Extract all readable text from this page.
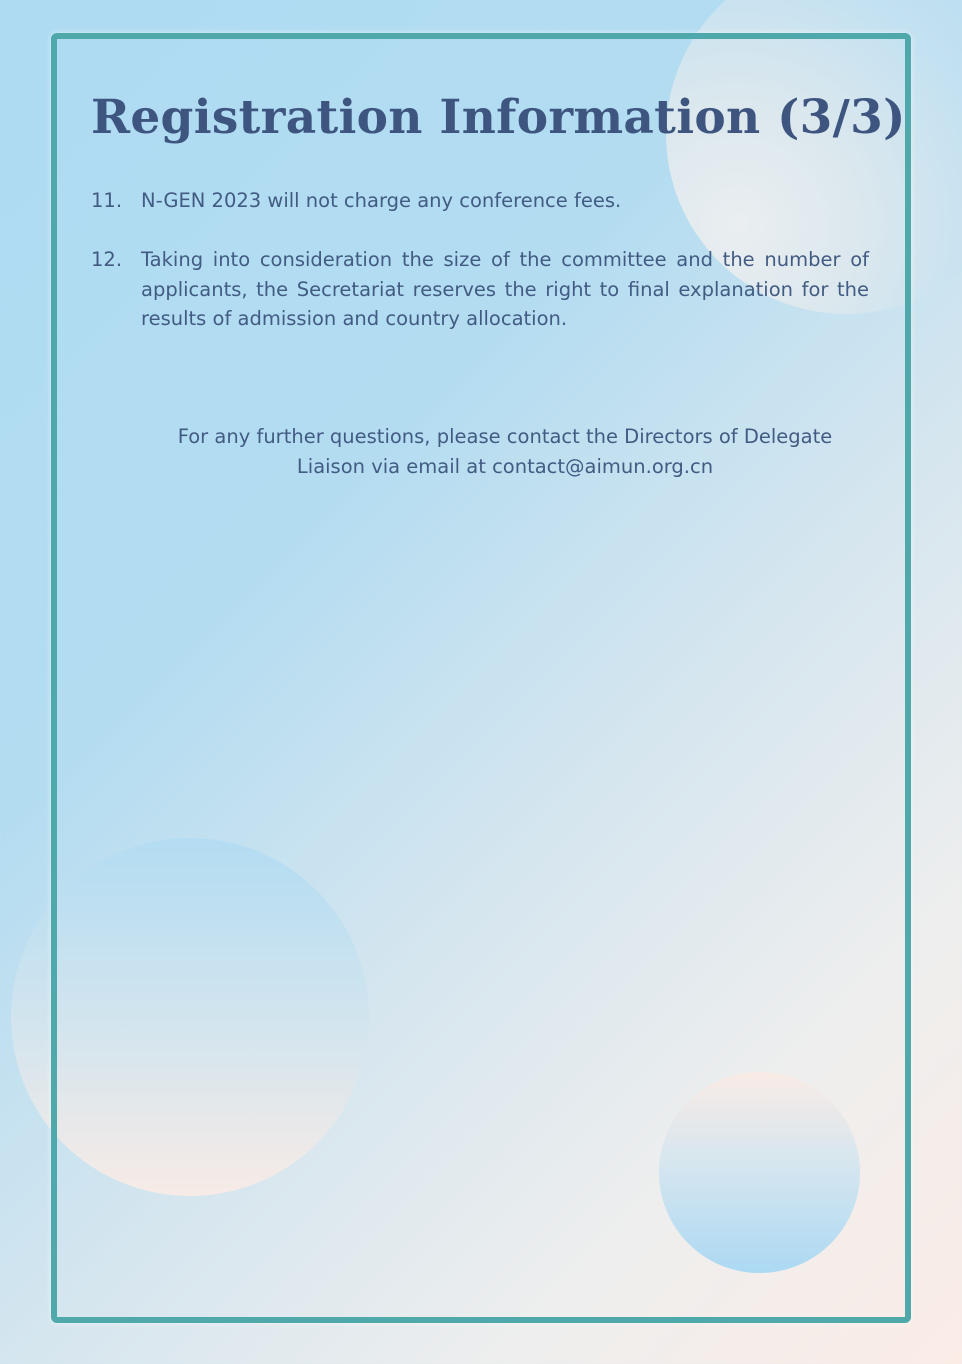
Registration Information (3/3)
11. N-GEN 2023 will not charge any conference fees.
12. Taking into consideration the size of the committee and the number of applicants, the Secretariat reserves the right to final explanation for the results of admission and country allocation.
For any further questions, please contact the Directors of Delegate
Liaison via email at contact@aimun.org.cn
